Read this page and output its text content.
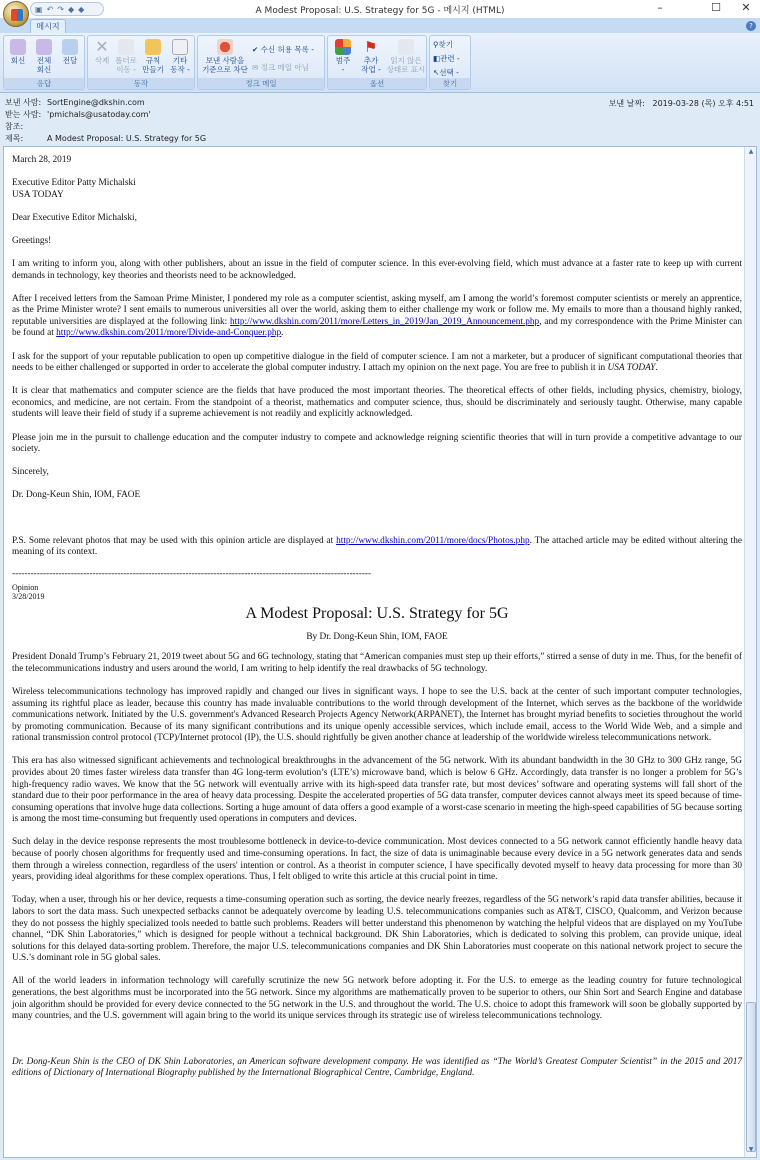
▣ ↶ ↷ ◆ ◆	A Modest Proposal: U.S. Strategy for 5G - 메시지 (HTML)	–	☐	✕
메시지	?
회신	전체
회신
전달
응답
✕
삭제 폴더로
이동 -
규칙
만들기
기타
동작 -
동작
보낸 사람을
기준으로 차단
✔ 수신 허용 목록 -
✉ 정크 메일 아님
정크 메일
범주
-
⚑
추가
작업 -
읽지 않은
상태로 표시
옵션
⚲찾기
◧관련 -
↖선택 -
찾기
보낸 사람: SortEngine@dkshin.com
받는 사람: 'pmichals@usatoday.com'
참조:
제목:	A Modest Proposal: U.S. Strategy for 5G
보낸 날짜: 2019-03-28 (목) 오후 4:51

March 28, 2019

Executive Editor Patty Michalski
USA TODAY

Dear Executive Editor Michalski,

Greetings!

I am writing to inform you, along with other publishers, about an issue in the field of computer science. In this ever-evolving field, which must advance at a faster rate to keep up with current demands in technology, key theories and theorists need to be acknowledged.

After I received letters from the Samoan Prime Minister, I pondered my role as a computer scientist, asking myself, am I among the world’s foremost computer scientists or merely an apprentice, as the Prime Minister wrote? I sent emails to numerous universities all over the world, asking them to either challenge my work or follow me. My emails to more than a thousand highly ranked, reputable universities are displayed at the following link: http://www.dkshin.com/2011/more/Letters_in_2019/Jan_2019_Announcement.php, and my correspondence with the Prime Minister can be found at http://www.dkshin.com/2011/more/Divide-and-Conquer.php.

I ask for the support of your reputable publication to open up competitive dialogue in the field of computer science. I am not a marketer, but a producer of significant computational theories that needs to be either challenged or supported in order to accelerate the global computer industry. I attach my opinion on the next page. You are free to publish it in USA TODAY.

It is clear that mathematics and computer science are the fields that have produced the most important theories. The theoretical effects of other fields, including physics, chemistry, biology, economics, and medicine, are not certain. From the standpoint of a theorist, mathematics and computer science, thus, should be discriminately and seriously taught. Otherwise, many capable students will leave their field of study if a supreme achievement is not readily and explicitly acknowledged.

Please join me in the pursuit to challenge education and the computer industry to compete and acknowledge reigning scientific theories that will in turn provide a competitive advantage to our society.

Sincerely,

Dr. Dong-Keun Shin, IOM, FAOE

P.S. Some relevant photos that may be used with this opinion article are displayed at http://www.dkshin.com/2011/more/docs/Photos.php. The attached article may be edited without altering the meaning of its context.

--------------------------------------------------------------------------------------------------------------------
Opinion
3/28/2019
A Modest Proposal: U.S. Strategy for 5G
By Dr. Dong-Keun Shin, IOM, FAOE

President Donald Trump’s February 21, 2019 tweet about 5G and 6G technology, stating that “American companies must step up their efforts,” stirred a sense of duty in me. Thus, for the benefit of the telecommunications industry and users around the world, I am writing to help identify the real drawbacks of 5G technology.

Wireless telecommunications technology has improved rapidly and changed our lives in significant ways. I hope to see the U.S. back at the center of such important computer technologies, assuming its rightful place as leader, because this country has made invaluable contributions to the world through development of the Internet, which serves as the backbone of the worldwide communications network. Initiated by the U.S. government's Advanced Research Projects Agency Network(ARPANET), the Internet has brought myriad benefits to societies throughout the world by promoting communication. Because of its many significant contributions and its unique openly accessible services, which include email, access to the World Wide Web, and a simple and rational transmission control protocol (TCP)/Internet protocol (IP), the U.S. should rightfully be given another chance at leadership of the worldwide wireless telecommunications network.

This era has also witnessed significant achievements and technological breakthroughs in the advancement of the 5G network. With its abundant bandwidth in the 30 GHz to 300 GHz range, 5G provides about 20 times faster wireless data transfer than 4G long-term evolution’s (LTE’s) microwave band, which is below 6 GHz. Accordingly, data transfer is no longer a problem for 5G’s high-frequency radio waves. We know that the 5G network will eventually arrive with its high-speed data transfer rate, but most devices’ software and operating systems will fall short of the standard due to their poor performance in the area of heavy data processing. Despite the accelerated properties of 5G data transfer, computer devices cannot always meet its speed because of time-consuming operations that involve huge data collections. Sorting a huge amount of data offers a good example of a worst-case scenario in meeting the high-speed capabilities of 5G because sorting is among the most time-consuming but frequently used operations in computers and devices.

Such delay in the device response represents the most troublesome bottleneck in device-to-device communication. Most devices connected to a 5G network cannot efficiently handle heavy data because of poorly chosen algorithms for frequently used and time-consuming operations. In fact, the size of data is unimaginable because every device in a 5G network generates data and sends them through a wireless connection, regardless of the users' intention or control. As a theorist in computer science, I have specifically devoted myself to heavy data processing for more than 30 years, providing ideal algorithms for these complex operations. Thus, I felt obliged to write this article at this crucial point in time.

Today, when a user, through his or her device, requests a time-consuming operation such as sorting, the device nearly freezes, regardless of the 5G network’s rapid data transfer abilities, because it labors to sort the data mass. Such unexpected setbacks cannot be adequately overcome by leading U.S. telecommunications companies such as AT&T, CISCO, Qualcomm, and Verizon because they do not possess the highly specialized tools needed to battle such problems. Readers will better understand this phenomenon by watching the helpful videos that are displayed on my YouTube channel, “DK Shin Laboratories,” which is designed for people without a technical background. DK Shin Laboratories, which is dedicated to solving this problem, can provide unique, ideal solutions for this delayed data-sorting problem. Therefore, the major U.S. telecommunications companies and DK Shin Laboratories must cooperate on this national network project to secure the U.S.’s dominant role in 5G global sales.

All of the world leaders in information technology will carefully scrutinize the new 5G network before adopting it. For the U.S. to emerge as the leading country for future technological generations, the best algorithms must be incorporated into the 5G network. Since my algorithms are mathematically proven to be superior to others, our Shin Sort and Search Engine and database join algorithm should be provided for every device connected to the 5G network in the U.S. and throughout the world. The U.S. choice to adopt this framework will soon be globally supported by many countries, and the U.S. government will again bring to the world its unique services through its strategic use of wireless telecommunications technology.

Dr. Dong-Keun Shin is the CEO of DK Shin Laboratories, an American software development company. He was identified as “The World’s Greatest Computer Scientist” in the 2015 and 2017 editions of Dictionary of International Biography published by the International Biographical Centre, Cambridge, England.

▲
▼
